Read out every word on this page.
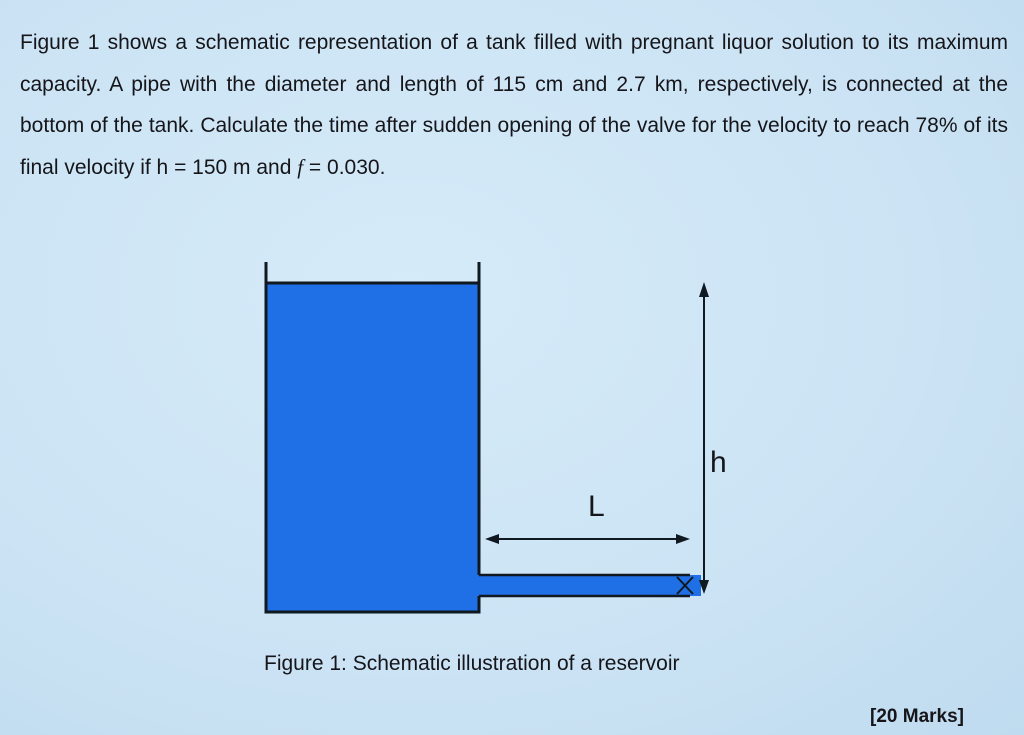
Figure 1 shows a schematic representation of a tank filled with pregnant liquor solution to its maximum capacity. A pipe with the diameter and length of 115 cm and 2.7 km, respectively, is connected at the bottom of the tank. Calculate the time after sudden opening of the valve for the velocity to reach 78% of its final velocity if h = 150 m and f = 0.030.

h
L

Figure 1: Schematic illustration of a reservoir

[20 Marks]
